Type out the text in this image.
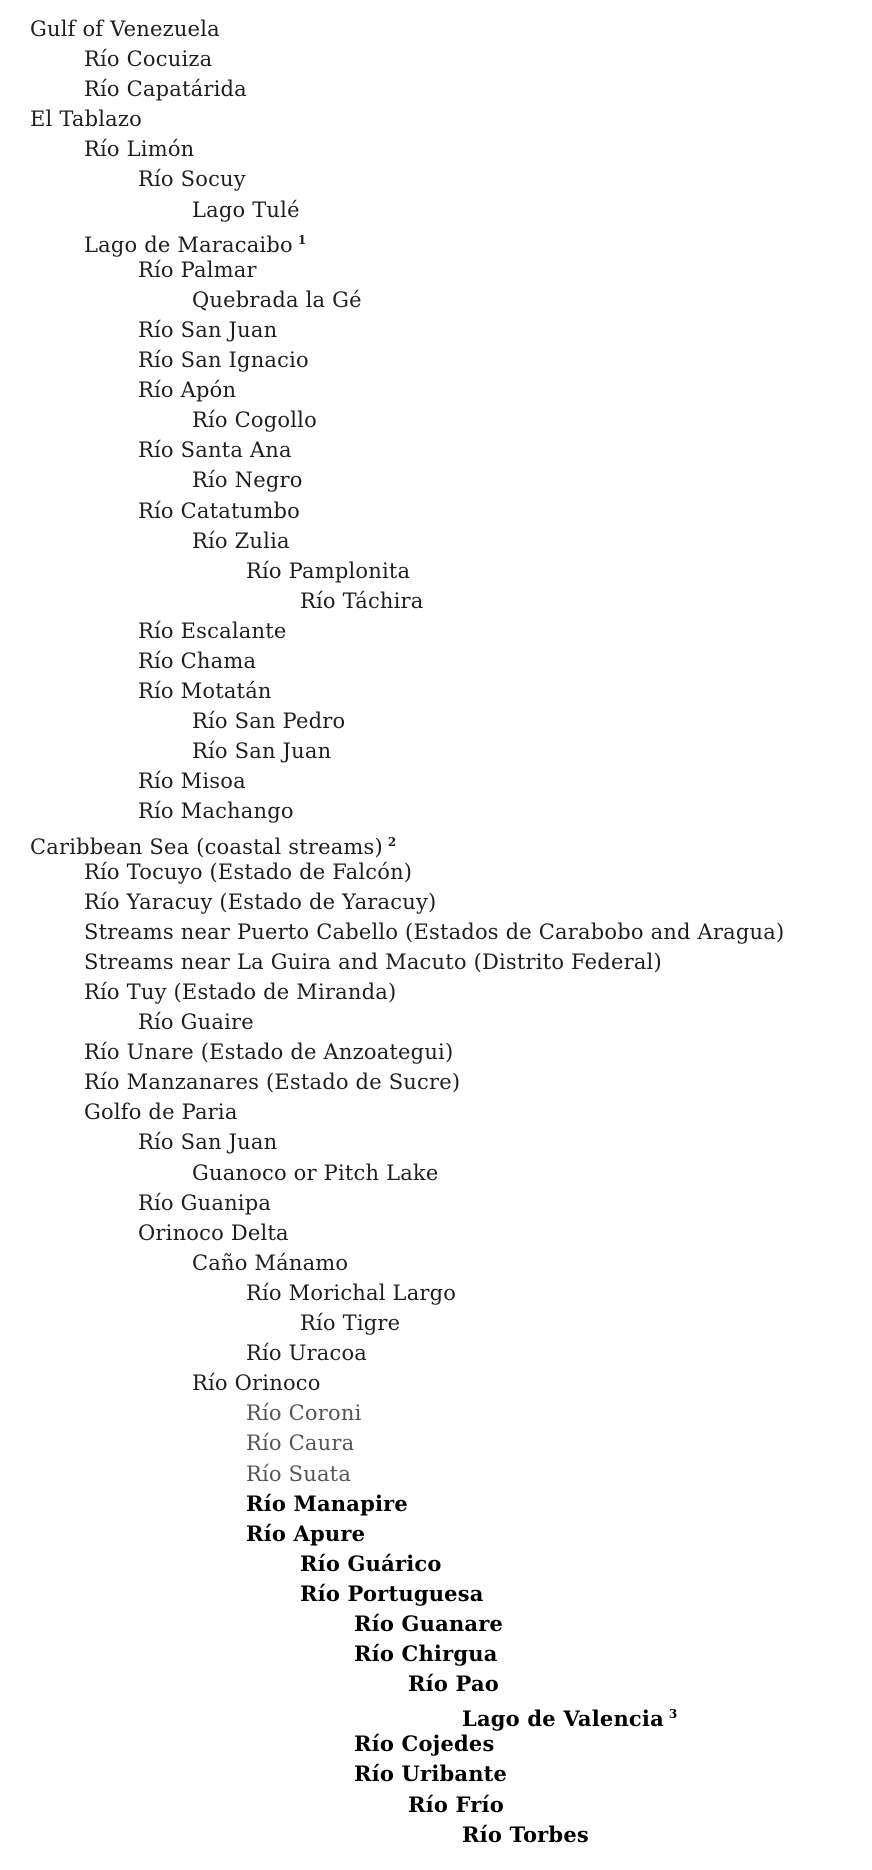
Gulf of Venezuela
Río Cocuiza
Río Capatárida
El Tablazo
Río Limón
Río Socuy
Lago Tulé
Lago de Maracaibo $^1$
Río Palmar
Quebrada la Gé
Río San Juan
Río San Ignacio
Río Apón
Río Cogollo
Río Santa Ana
Río Negro
Río Catatumbo
Río Zulia
Río Pamplonita
Río Táchira
Río Escalante
Río Chama
Río Motatán
Río San Pedro
Río San Juan
Río Misoa
Río Machango
Caribbean Sea (coastal streams) $^2$
Río Tocuyo (Estado de Falcón)
Río Yaracuy (Estado de Yaracuy)
Streams near Puerto Cabello (Estados de Carabobo and Aragua)
Streams near La Guira and Macuto (Distrito Federal)
Río Tuy (Estado de Miranda)
Río Guaire
Río Unare (Estado de Anzoategui)
Río Manzanares (Estado de Sucre)
Golfo de Paria
Río San Juan
Guanoco or Pitch Lake
Río Guanipa
Orinoco Delta
Caño Mánamo
Río Morichal Largo
Río Tigre
Río Uracoa
Río Orinoco
Río Coroni
Río Caura
Río Suata
Río Manapire
Río Apure
Río Guárico
Río Portuguesa
Río Guanare
Río Chirgua
Río Pao
Lago de Valencia $^3$
Río Cojedes
Río Uribante
Río Frío
Río Torbes
